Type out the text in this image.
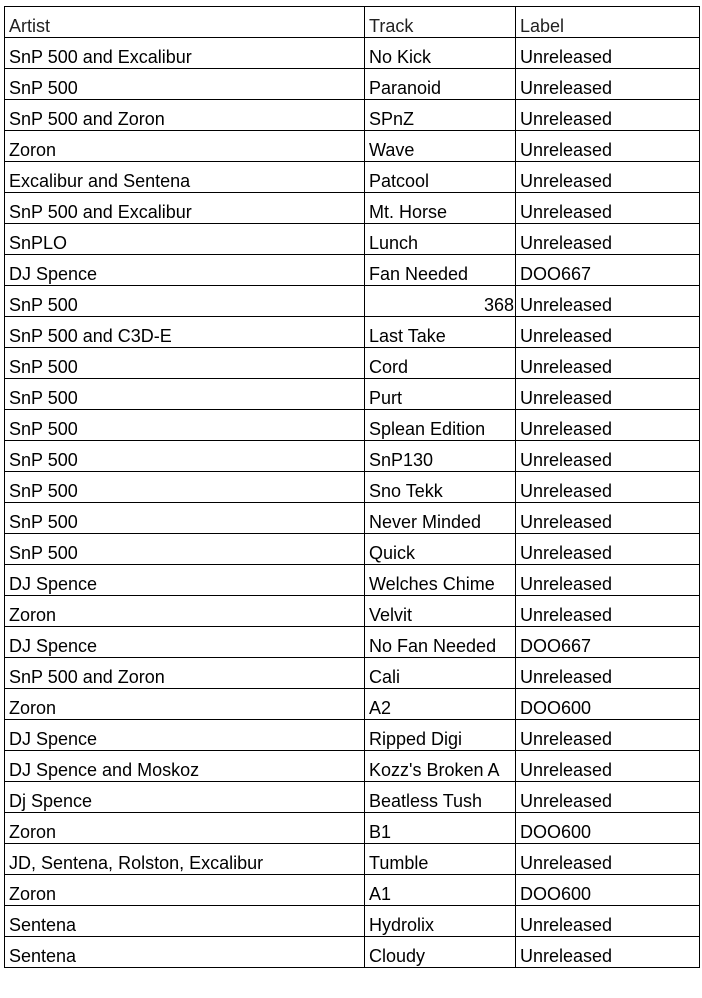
Artist	Track	Label
SnP 500 and Excalibur	No Kick	Unreleased
SnP 500	Paranoid	Unreleased
SnP 500 and Zoron	SPnZ	Unreleased
Zoron	Wave	Unreleased
Excalibur and Sentena	Patcool	Unreleased
SnP 500 and Excalibur	Mt. Horse	Unreleased
SnPLO	Lunch	Unreleased
DJ Spence	Fan Needed	DOO667
SnP 500	368	Unreleased
SnP 500 and C3D-E	Last Take	Unreleased
SnP 500	Cord	Unreleased
SnP 500	Purt	Unreleased
SnP 500	Splean Edition	Unreleased
SnP 500	SnP130	Unreleased
SnP 500	Sno Tekk	Unreleased
SnP 500	Never Minded	Unreleased
SnP 500	Quick	Unreleased
DJ Spence	Welches Chime	Unreleased
Zoron	Velvit	Unreleased
DJ Spence	No Fan Needed	DOO667
SnP 500 and Zoron	Cali	Unreleased
Zoron	A2	DOO600
DJ Spence	Ripped Digi	Unreleased
DJ Spence and Moskoz	Kozz's Broken A	Unreleased
Dj Spence	Beatless Tush	Unreleased
Zoron	B1	DOO600
JD, Sentena, Rolston, Excalibur	Tumble	Unreleased
Zoron	A1	DOO600
Sentena	Hydrolix	Unreleased
Sentena	Cloudy	Unreleased
